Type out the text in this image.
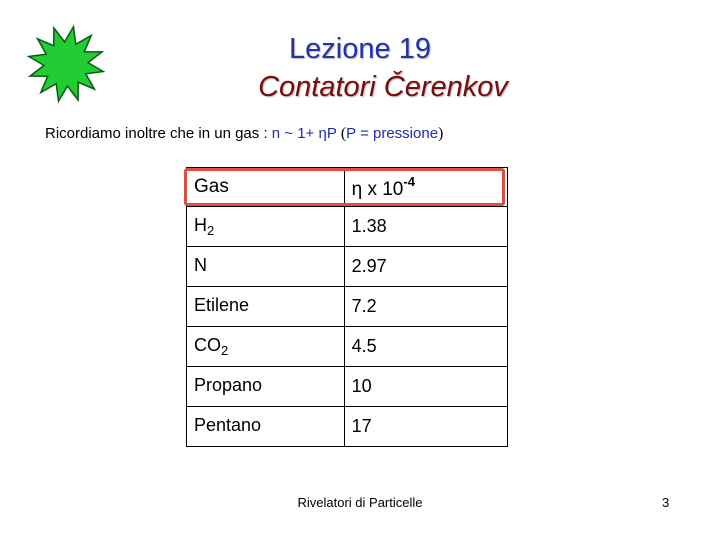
Lezione 19
Contatori Čerenkov
Ricordiamo inoltre che in un gas : n ~ 1+ ηP (P = pressione)
Gas	η x $10^{-4}$
$H_2$	1.38
N	2.97
Etilene	7.2
$CO_2$	4.5
Propano	10
Pentano	17
Rivelatori di Particelle	3
